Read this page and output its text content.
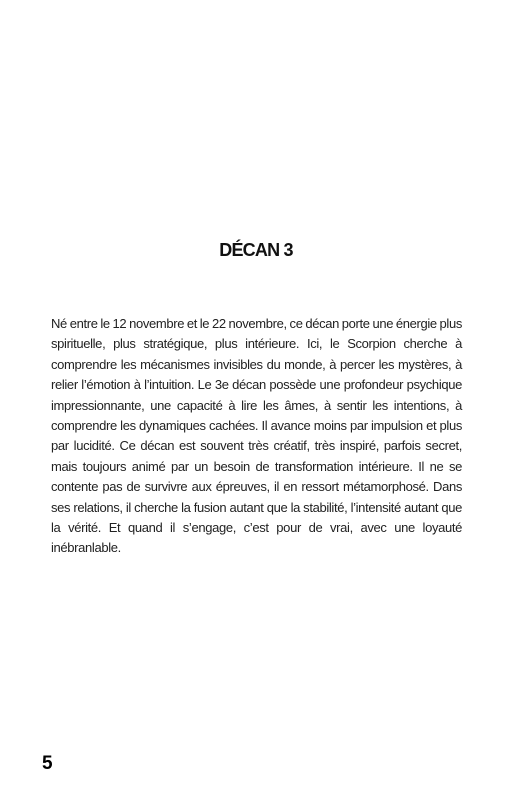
DÉCAN 3

Né entre le 12 novembre et le 22 novembre, ce décan porte une énergie plus spirituelle, plus stratégique, plus intérieure. Ici, le Scorpion cherche à comprendre les mécanismes invisibles du monde, à percer les mystères, à relier l’émotion à l’intuition. Le 3e décan possède une profondeur psychique impressionnante, une capacité à lire les âmes, à sentir les intentions, à comprendre les dynamiques cachées. Il avance moins par impulsion et plus par lucidité. Ce décan est souvent très créatif, très inspiré, parfois secret, mais toujours animé par un besoin de transformation intérieure. Il ne se contente pas de survivre aux épreuves, il en ressort métamorphosé. Dans ses relations, il cherche la fusion autant que la stabilité, l’intensité autant que la vérité. Et quand il s’engage, c’est pour de vrai, avec une loyauté inébranlable.

5
